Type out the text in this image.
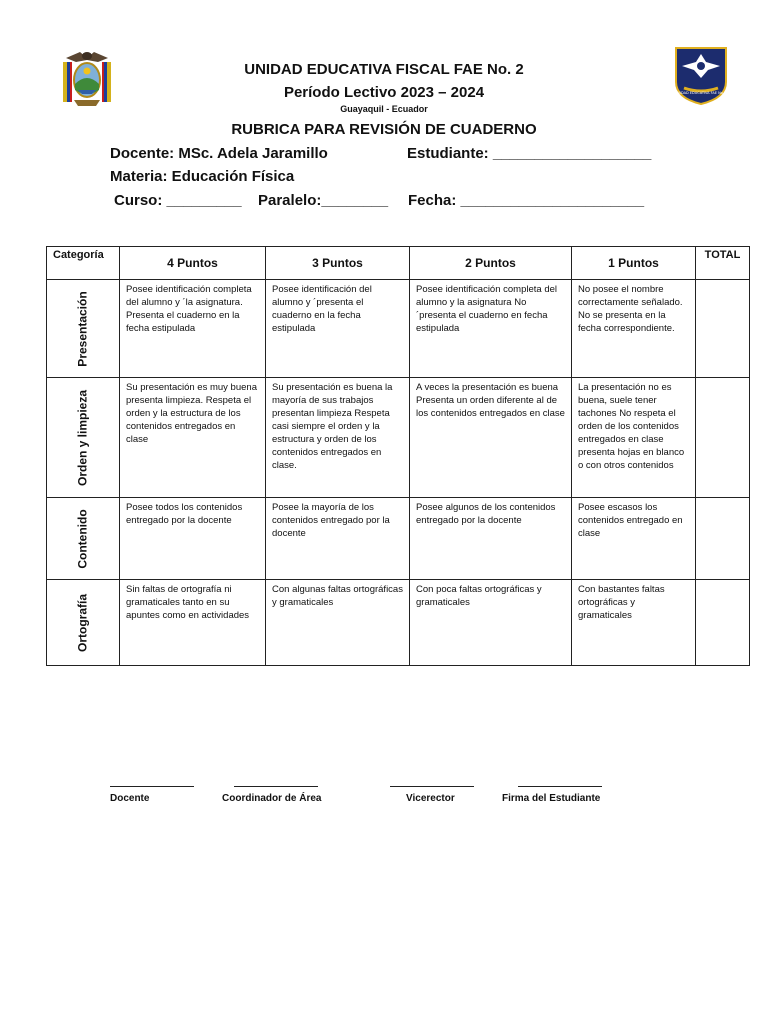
UNIDAD EDUCATIVA FAE No. 2
UNIDAD EDUCATIVA FISCAL FAE No. 2
Período Lectivo 2023 – 2024
Guayaquil - Ecuador
RUBRICA PARA REVISIÓN DE CUADERNO
Docente: MSc. Adela Jaramillo	Estudiante: ___________________
Materia: Educación Física
Curso: _________ Paralelo:________ Fecha: ______________________
Categoría	4 Puntos	3 Puntos	2 Puntos	1 Puntos	TOTAL

Presentación	Posee identificación completa del alumno y ´la asignatura. Presenta el cuaderno en la fecha estipulada	Posee identificación del alumno y ´presenta el cuaderno en la fecha estipulada	Posee identificación completa del alumno y la asignatura No ´presenta el cuaderno en fecha estipulada	No posee el nombre correctamente señalado. No se presenta en la fecha correspondiente.	

Orden y limpieza	Su presentación es muy buena presenta limpieza. Respeta el orden y la estructura de los contenidos entregados en clase	Su presentación es buena la mayoría de sus trabajos presentan limpieza Respeta casi siempre el orden y la estructura y orden de los contenidos entregados en clase.	A veces la presentación es buena Presenta un orden diferente al de los contenidos entregados en clase	La presentación no es buena, suele tener tachones No respeta el orden de los contenidos entregados en clase presenta hojas en blanco o con otros contenidos	

Contenido	Posee todos los contenidos entregado por la docente	Posee la mayoría de los contenidos entregado por la docente	Posee algunos de los contenidos entregado por la docente	Posee escasos los contenidos entregado en clase	

Ortografía	Sin faltas de ortografía ni gramaticales tanto en su apuntes como en actividades	Con algunas faltas ortográficas y gramaticales	Con poca faltas ortográficas y gramaticales	Con bastantes faltas ortográficas y gramaticales	
Docente	Coordinador de Área	Vicerector	Firma del Estudiante
